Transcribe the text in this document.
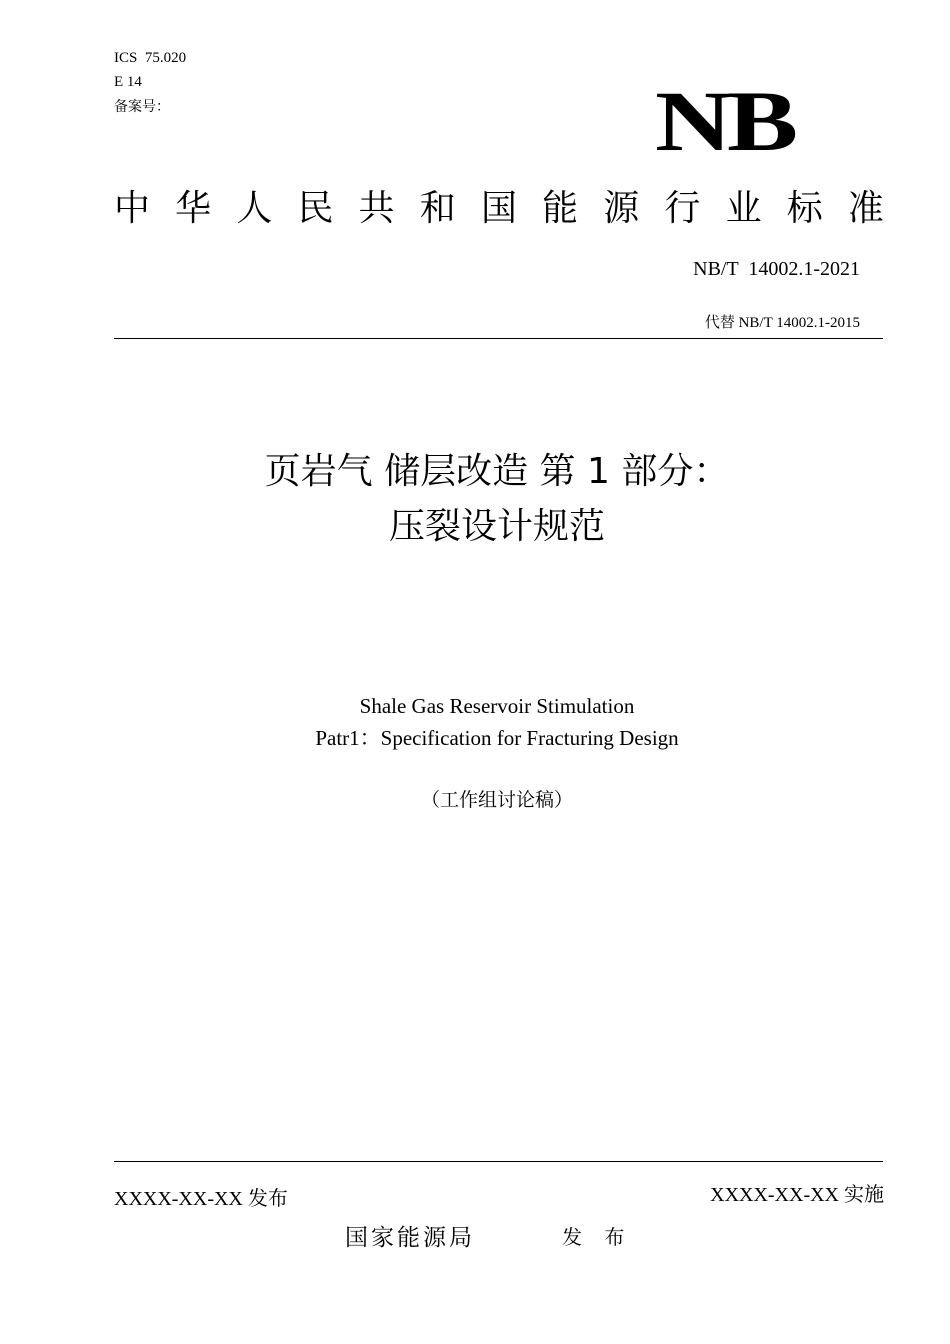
ICS  75.020
E 14
备案号：	NB
中 华 人 民 共 和 国 能 源 行 业 标 准
NB/T  14002.1-2021
代替 NB/T 14002.1-2015
页岩气 储层改造 第 1 部分：
压裂设计规范
Shale Gas Reservoir Stimulation
Patr1：Specification for Fracturing Design
（工作组讨论稿）
XXXX-XX-XX 发布	XXXX-XX-XX 实施
国家能源局	发 布
